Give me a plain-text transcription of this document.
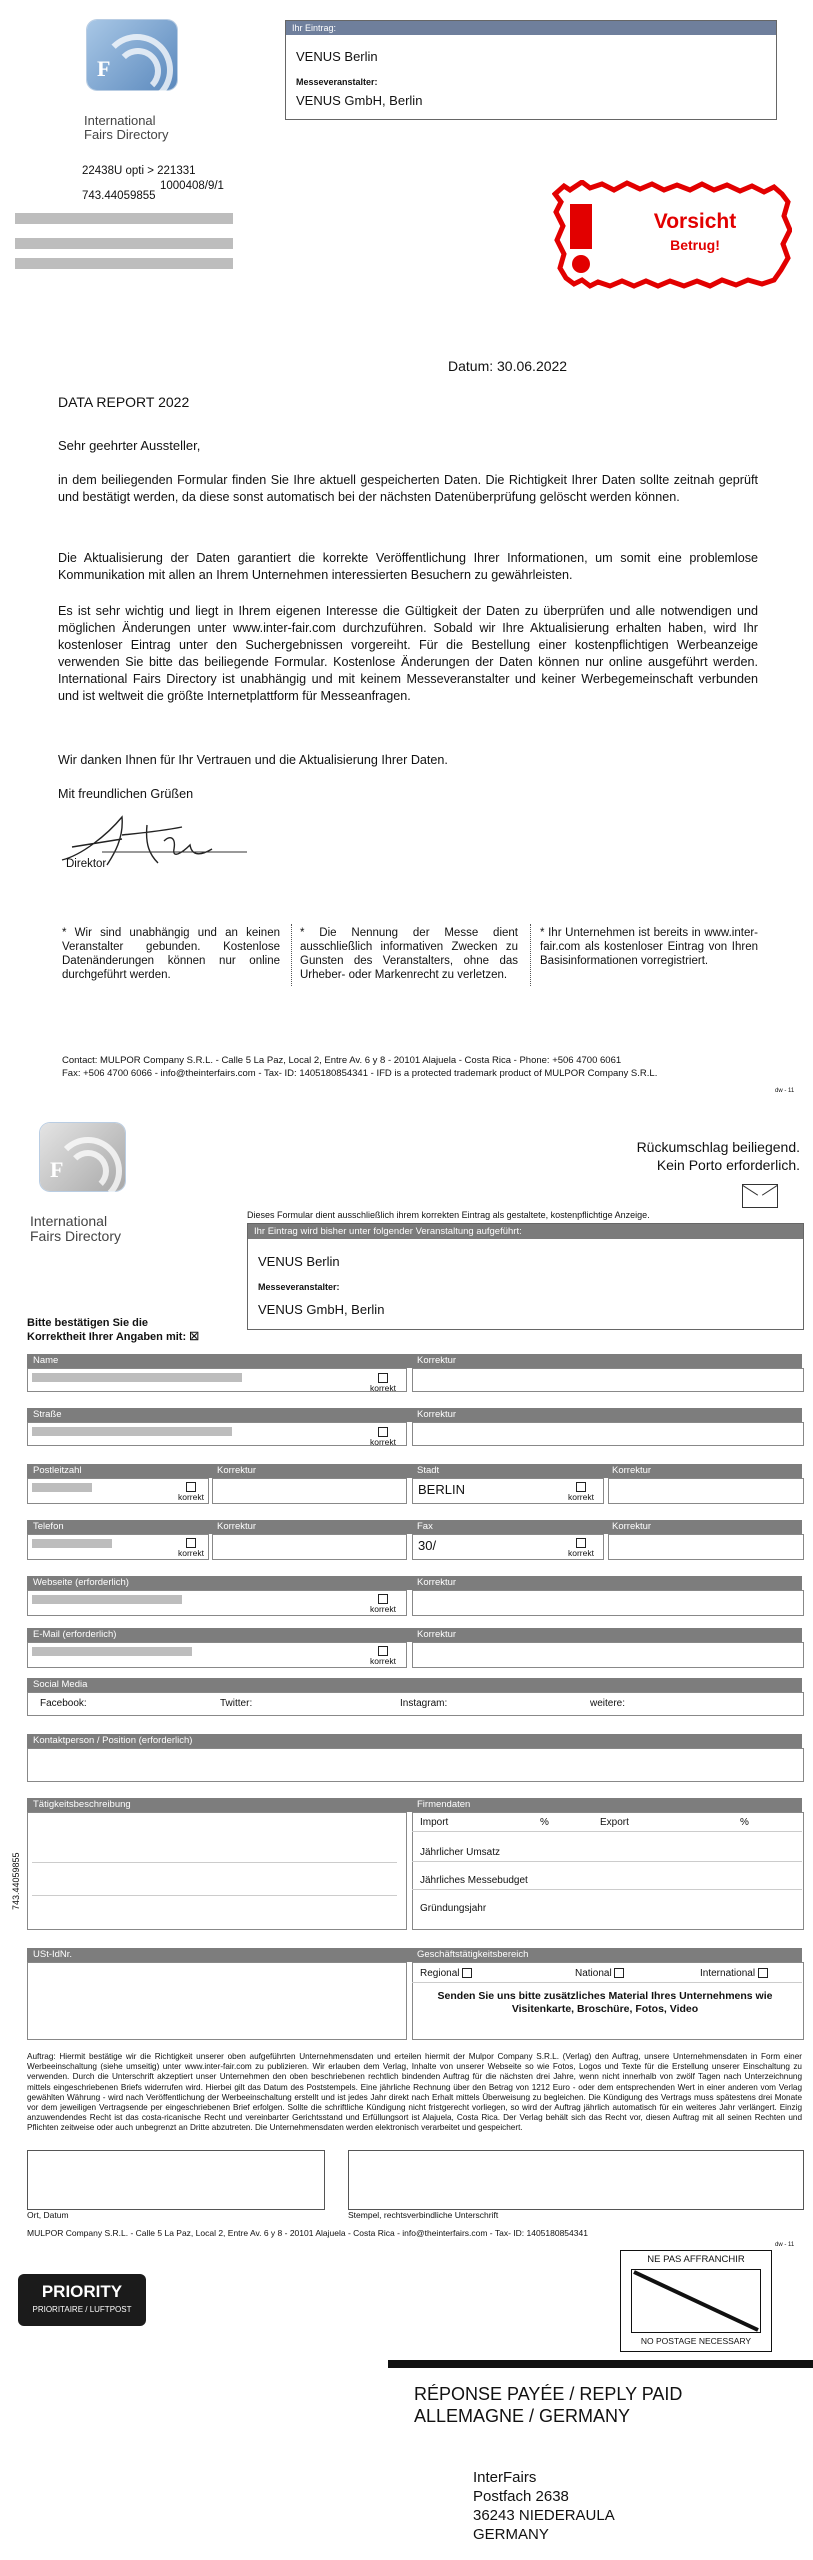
F
International
Fairs Directory
Ihr Eintrag:
VENUS Berlin
Messeveranstalter:
VENUS GmbH, Berlin
22438U opti > 221331
1000408/9/1
743.44059855
Vorsicht
Betrug!
Datum: 30.06.2022
DATA REPORT 2022
Sehr geehrter Aussteller,
in dem beiliegenden Formular finden Sie Ihre aktuell gespeicherten Daten. Die Richtigkeit Ihrer Daten sollte zeitnah geprüft und bestätigt werden, da diese sonst automatisch bei der nächsten Datenüberprüfung gelöscht werden können.
Die Aktualisierung der Daten garantiert die korrekte Veröffentlichung Ihrer Informationen, um somit eine problemlose Kommunikation mit allen an Ihrem Unternehmen interessierten Besuchern zu gewährleisten.
Es ist sehr wichtig und liegt in Ihrem eigenen Interesse die Gültigkeit der Daten zu überprüfen und alle notwendigen und möglichen Änderungen unter www.inter-fair.com durchzuführen. Sobald wir Ihre Aktualisierung erhalten haben, wird Ihr kostenloser Eintrag unter den Suchergebnissen vorgereiht. Für die Bestellung einer kostenpflichtigen Werbeanzeige verwenden Sie bitte das beiliegende Formular. Kostenlose Änderungen der Daten können nur online ausgeführt werden. International Fairs Directory ist unabhängig und mit keinem Messeveranstalter und keiner Werbegemeinschaft verbunden und ist weltweit die größte Internetplattform für Messeanfragen.
Wir danken Ihnen für Ihr Vertrauen und die Aktualisierung Ihrer Daten.
Mit freundlichen Grüßen
Direktor
* Wir sind unabhängig und an keinen Veranstalter gebunden. Kostenlose Datenänderungen können nur online durchgeführt werden.
* Die Nennung der Messe dient ausschließlich informativen Zwecken zu Gunsten des Veranstalters, ohne das Urheber- oder Markenrecht zu verletzen.
* Ihr Unternehmen ist bereits in www.inter-fair.com als kostenloser Eintrag von Ihren Basisinformationen vorregistriert.
Contact: MULPOR Company S.R.L. - Calle 5 La Paz, Local 2, Entre Av. 6 y 8 - 20101 Alajuela - Costa Rica - Phone: +506 4700 6061
Fax: +506 4700 6066 - info@theinterfairs.com - Tax- ID: 1405180854341 - IFD is a protected trademark product of MULPOR Company S.R.L.
dw - 11
F
International
Fairs Directory
Rückumschlag beiliegend.
Kein Porto erforderlich.
Dieses Formular dient ausschließlich ihrem korrekten Eintrag als gestaltete, kostenpflichtige Anzeige.
Ihr Eintrag wird bisher unter folgender Veranstaltung aufgeführt:
VENUS Berlin
Messeveranstalter:
VENUS GmbH, Berlin
Bitte bestätigen Sie die
Korrektheit Ihrer Angaben mit: ☒
Name	Korrektur

korrekt
Straße	Korrektur

korrekt
Postleitzahl	Korrektur	Stadt	Korrektur

korrekt	BERLIN	korrekt
Telefon	Korrektur	Fax	Korrektur

korrekt	30/	korrekt
Webseite (erforderlich)	Korrektur

korrekt
E-Mail (erforderlich)	Korrektur

korrekt
Social Media
Facebook:	Twitter:	Instagram:	weitere:
Kontaktperson / Position (erforderlich)
Tätigkeitsbeschreibung	Firmendaten
Import	%	Export	%
Jährlicher Umsatz
Jährliches Messebudget
Gründungsjahr
743.44059855
USt-IdNr.	Geschäftstätigkeitsbereich
Regional	National	International
Senden Sie uns bitte zusätzliches Material Ihres Unternehmens wie Visitenkarte, Broschüre, Fotos, Video
Auftrag: Hiermit bestätige wir die Richtigkeit unserer oben aufgeführten Unternehmensdaten und erteilen hiermit der Mulpor Company S.R.L. (Verlag) den Auftrag, unsere Unternehmensdaten in Form einer Werbeeinschaltung (siehe umseitig) unter www.inter-fair.com zu publizieren. Wir erlauben dem Verlag, Inhalte von unserer Webseite so wie Fotos, Logos und Texte für die Erstellung unserer Einschaltung zu verwenden. Durch die Unterschrift akzeptiert unser Unternehmen den oben beschriebenen rechtlich bindenden Auftrag für die nächsten drei Jahre, wenn nicht innerhalb von zwölf Tagen nach Unterzeichnung mittels eingeschriebenen Briefs widerrufen wird. Hierbei gilt das Datum des Poststempels. Eine jährliche Rechnung über den Betrag von 1212 Euro - oder dem entsprechenden Wert in einer anderen vom Verlag gewählten Währung - wird nach Veröffentlichung der Werbeeinschaltung erstellt und ist jedes Jahr direkt nach Erhalt mittels Überweisung zu begleichen. Die Kündigung des Vertrags muss spätestens drei Monate vor dem jeweiligen Vertragsende per eingeschriebenen Brief erfolgen. Sollte die schriftliche Kündigung nicht fristgerecht vorliegen, so wird der Auftrag jährlich automatisch für ein weiteres Jahr verlängert. Einzig anzuwendendes Recht ist das costa-ricanische Recht und vereinbarter Gerichtsstand und Erfüllungsort ist Alajuela, Costa Rica. Der Verlag behält sich das Recht vor, diesen Auftrag mit all seinen Rechten und Pflichten zeitweise oder auch unbegrenzt an Dritte abzutreten. Die Unternehmensdaten werden elektronisch verarbeitet und gespeichert.
Ort, Datum	Stempel, rechtsverbindliche Unterschrift
MULPOR Company S.R.L. - Calle 5 La Paz, Local 2, Entre Av. 6 y 8 - 20101 Alajuela - Costa Rica - info@theinterfairs.com - Tax- ID: 1405180854341
dw - 11
PRIORITY
PRIORITAIRE / LUFTPOST
NE PAS AFFRANCHIR
NO POSTAGE NECESSARY
RÉPONSE PAYÉE / REPLY PAID
ALLEMAGNE / GERMANY
InterFairs
Postfach 2638
36243 NIEDERAULA
GERMANY
